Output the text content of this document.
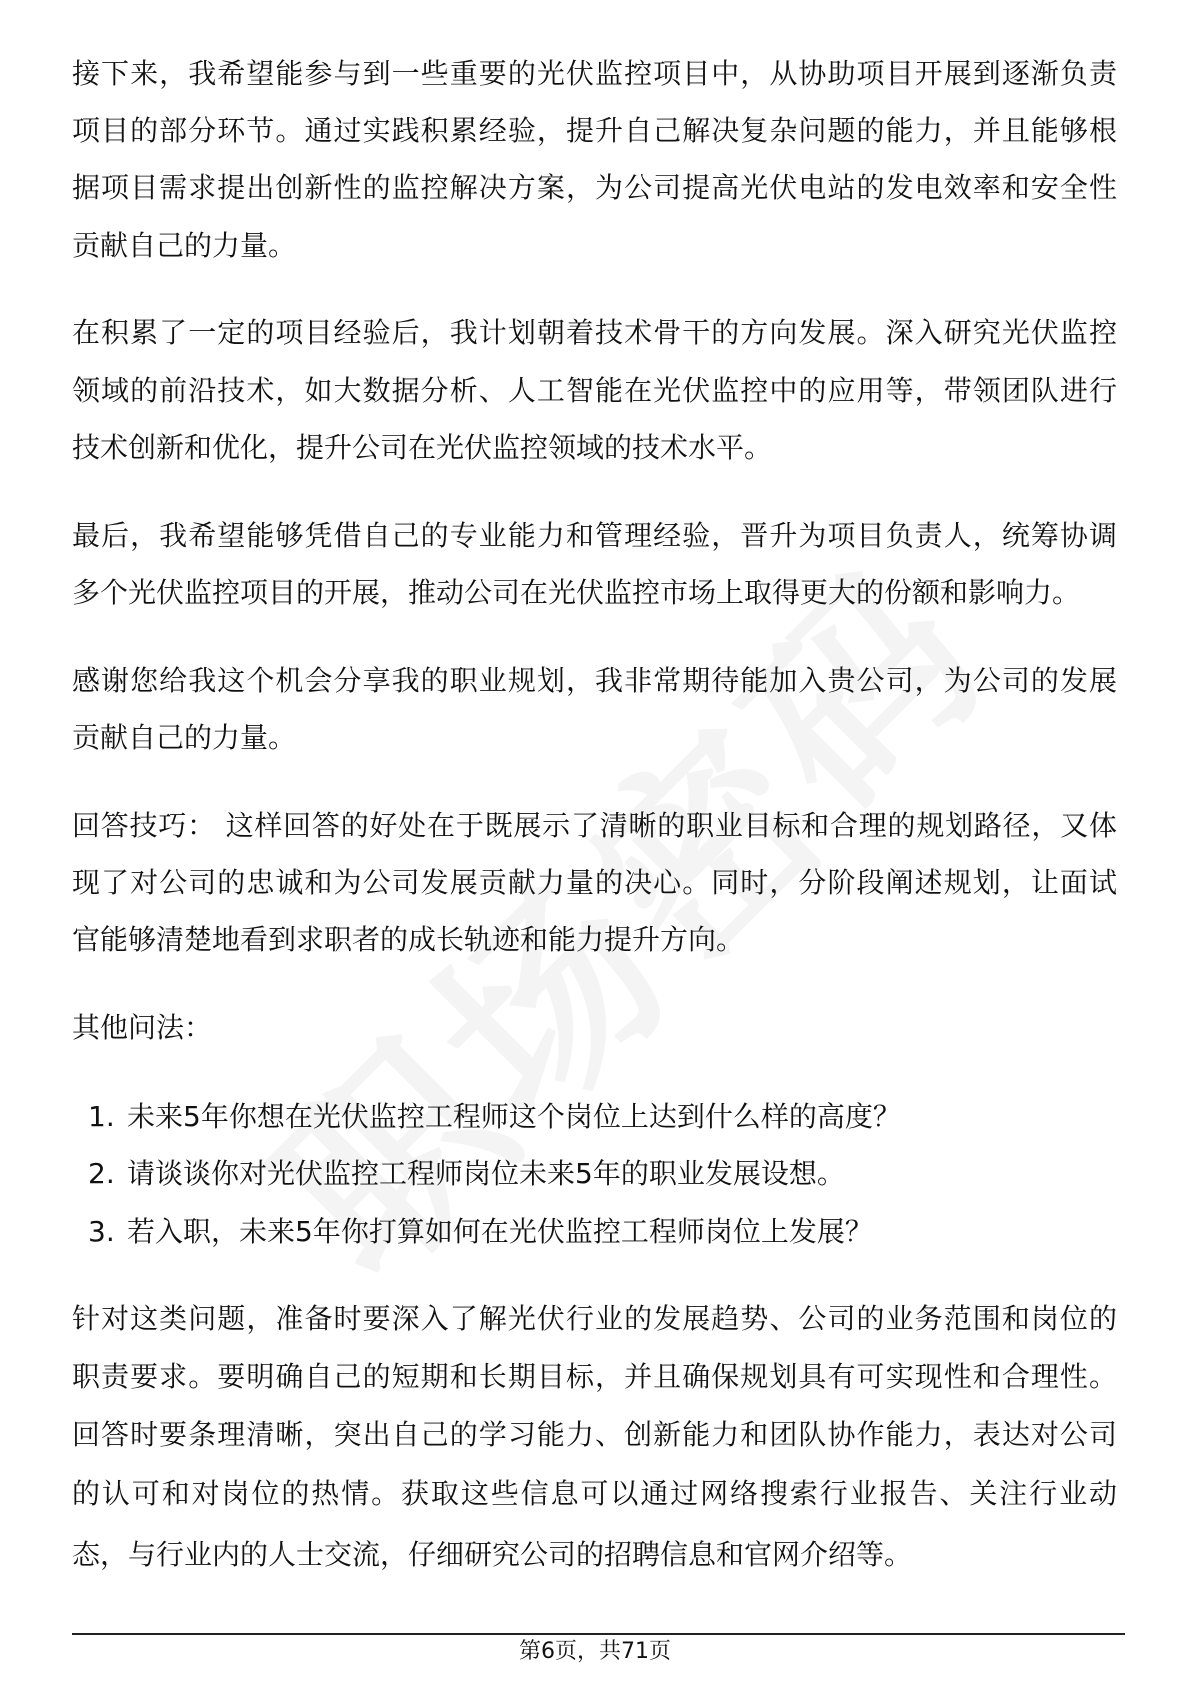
接下来，我希望能参与到一些重要的光伏监控项目中，从协助项目开展到逐渐负责
项目的部分环节。通过实践积累经验，提升自己解决复杂问题的能力，并且能够根
据项目需求提出创新性的监控解决方案，为公司提高光伏电站的发电效率和安全性
贡献自己的力量。
在积累了一定的项目经验后，我计划朝着技术骨干的方向发展。深入研究光伏监控
领域的前沿技术，如大数据分析、人工智能在光伏监控中的应用等，带领团队进行
技术创新和优化，提升公司在光伏监控领域的技术水平。
最后，我希望能够凭借自己的专业能力和管理经验，晋升为项目负责人，统筹协调
多个光伏监控项目的开展，推动公司在光伏监控市场上取得更大的份额和影响力。
感谢您给我这个机会分享我的职业规划，我非常期待能加入贵公司，为公司的发展
贡献自己的力量。
回答技巧： 这样回答的好处在于既展示了清晰的职业目标和合理的规划路径，又体
现了对公司的忠诚和为公司发展贡献力量的决心。同时，分阶段阐述规划，让面试
官能够清楚地看到求职者的成长轨迹和能力提升方向。
其他问法：
1. 未来5年你想在光伏监控工程师这个岗位上达到什么样的高度？
2. 请谈谈你对光伏监控工程师岗位未来5年的职业发展设想。
3. 若入职，未来5年你打算如何在光伏监控工程师岗位上发展？
针对这类问题，准备时要深入了解光伏行业的发展趋势、公司的业务范围和岗位的
职责要求。要明确自己的短期和长期目标，并且确保规划具有可实现性和合理性。
回答时要条理清晰，突出自己的学习能力、创新能力和团队协作能力，表达对公司
的认可和对岗位的热情。获取这些信息可以通过网络搜索行业报告、关注行业动
态，与行业内的人士交流，仔细研究公司的招聘信息和官网介绍等。
第6页，共71页
